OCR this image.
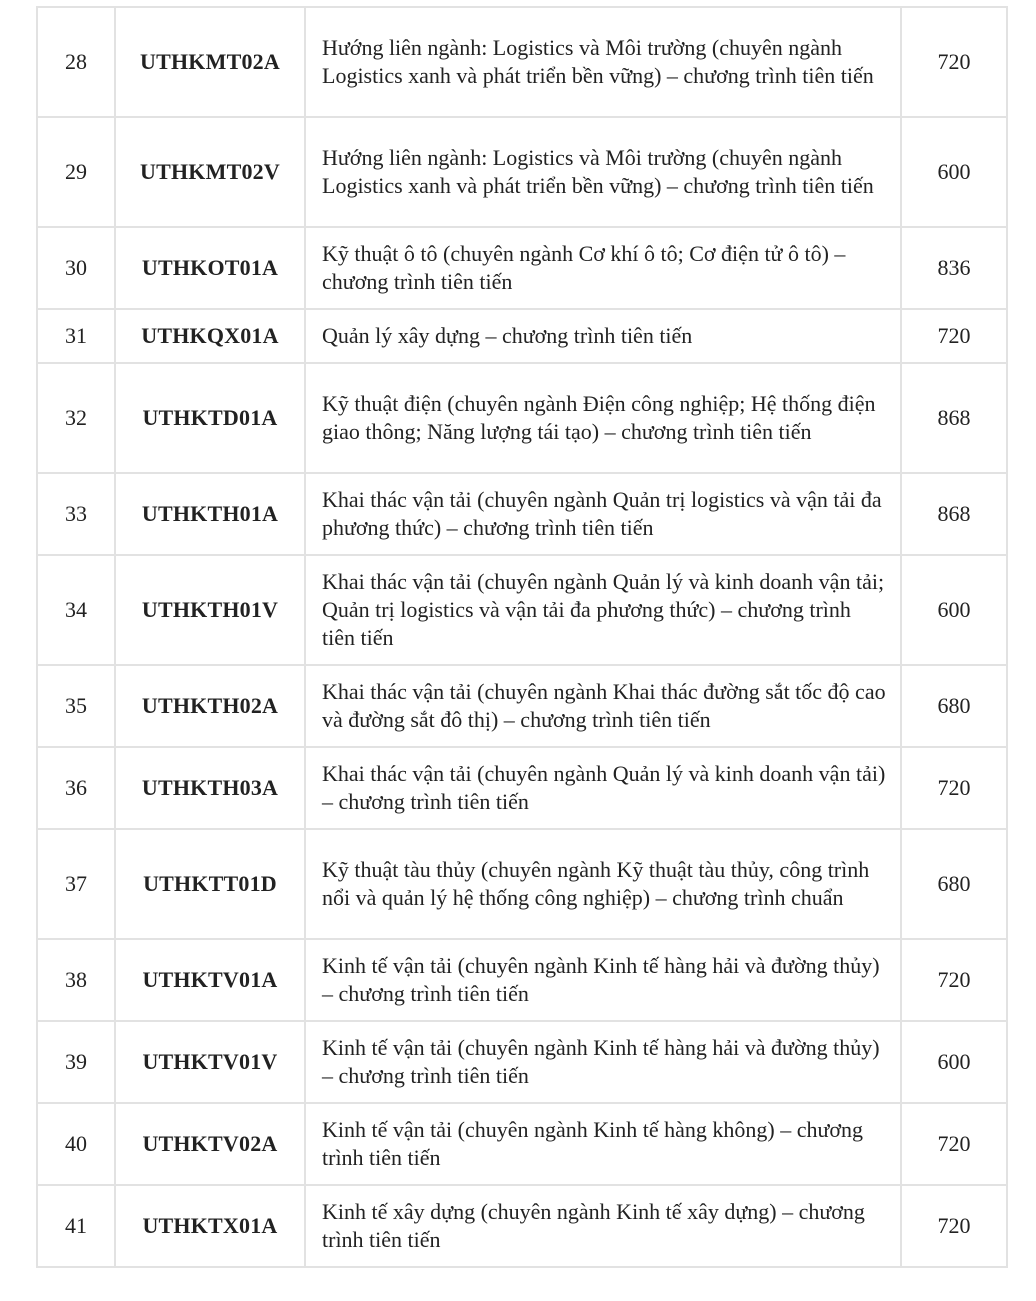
28	UTHKMT02A	Hướng liên ngành: Logistics và Môi trường (chuyên ngành Logistics xanh và phát triển bền vững) – chương trình tiên tiến	720
29	UTHKMT02V	Hướng liên ngành: Logistics và Môi trường (chuyên ngành Logistics xanh và phát triển bền vững) – chương trình tiên tiến	600
30	UTHKOT01A	Kỹ thuật ô tô (chuyên ngành Cơ khí ô tô; Cơ điện tử ô tô) – chương trình tiên tiến	836
31	UTHKQX01A	Quản lý xây dựng – chương trình tiên tiến	720
32	UTHKTD01A	Kỹ thuật điện (chuyên ngành Điện công nghiệp; Hệ thống điện giao thông; Năng lượng tái tạo) – chương trình tiên tiến	868
33	UTHKTH01A	Khai thác vận tải (chuyên ngành Quản trị logistics và vận tải đa phương thức) – chương trình tiên tiến	868
34	UTHKTH01V	Khai thác vận tải (chuyên ngành Quản lý và kinh doanh vận tải; Quản trị logistics và vận tải đa phương thức) – chương trình tiên tiến	600
35	UTHKTH02A	Khai thác vận tải (chuyên ngành Khai thác đường sắt tốc độ cao và đường sắt đô thị) – chương trình tiên tiến	680
36	UTHKTH03A	Khai thác vận tải (chuyên ngành Quản lý và kinh doanh vận tải) – chương trình tiên tiến	720
37	UTHKTT01D	Kỹ thuật tàu thủy (chuyên ngành Kỹ thuật tàu thủy, công trình nổi và quản lý hệ thống công nghiệp) – chương trình chuẩn	680
38	UTHKTV01A	Kinh tế vận tải (chuyên ngành Kinh tế hàng hải và đường thủy) – chương trình tiên tiến	720
39	UTHKTV01V	Kinh tế vận tải (chuyên ngành Kinh tế hàng hải và đường thủy) – chương trình tiên tiến	600
40	UTHKTV02A	Kinh tế vận tải (chuyên ngành Kinh tế hàng không) – chương trình tiên tiến	720
41	UTHKTX01A	Kinh tế xây dựng (chuyên ngành Kinh tế xây dựng) – chương trình tiên tiến	720
